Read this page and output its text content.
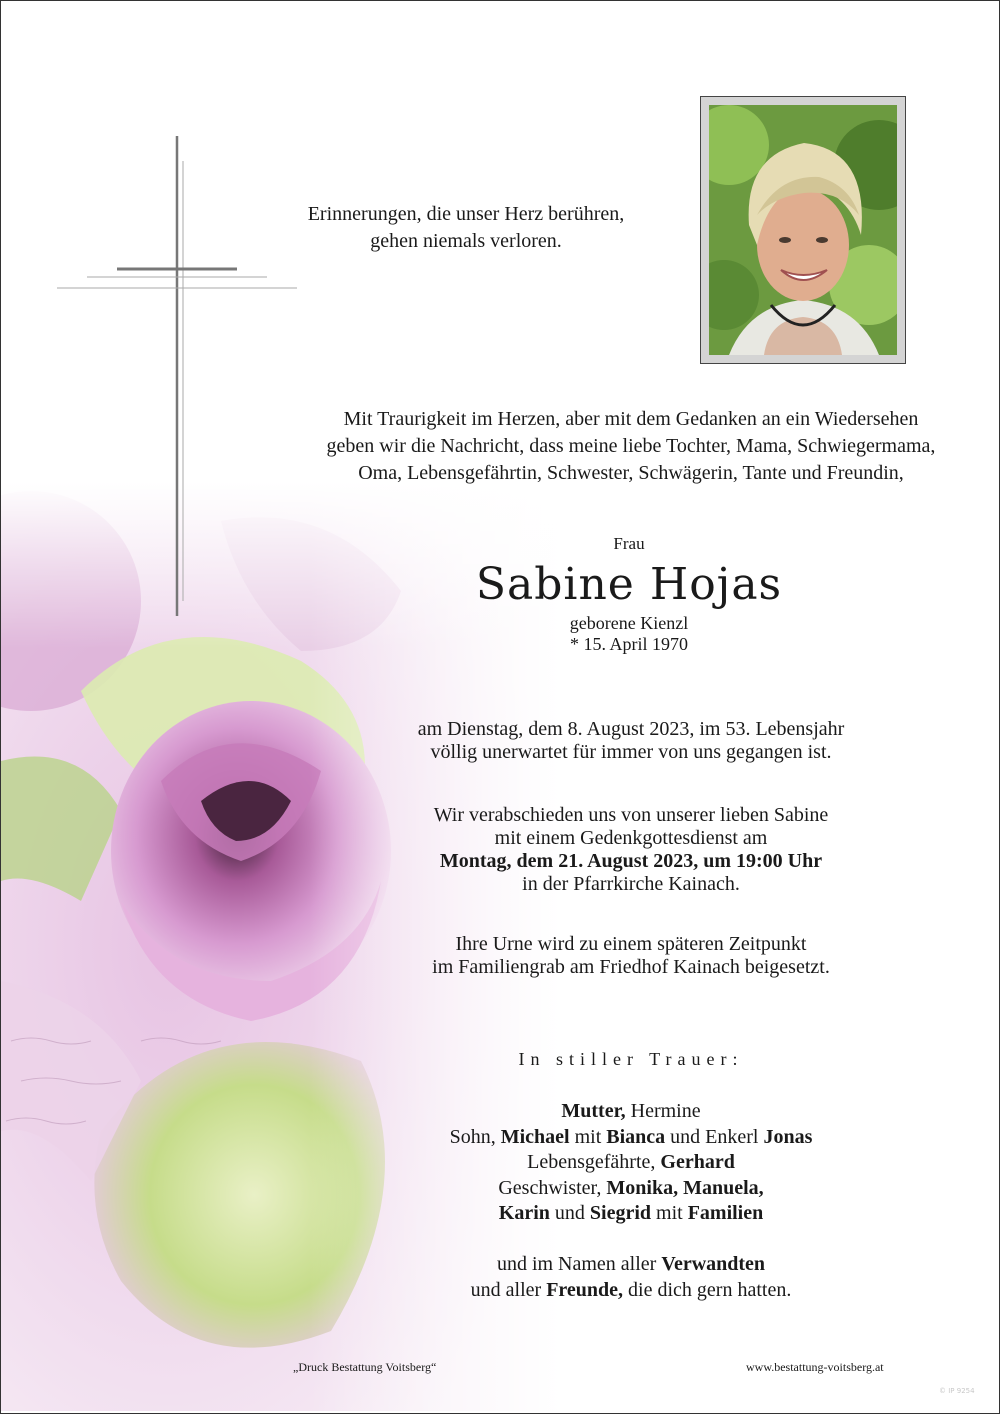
Erinnerungen, die unser Herz berühren,
gehen niemals verloren.
Mit Traurigkeit im Herzen, aber mit dem Gedanken an ein Wiedersehen
geben wir die Nachricht, dass meine liebe Tochter, Mama, Schwiegermama,
Oma, Lebensgefährtin, Schwester, Schwägerin, Tante und Freundin,
Frau
Sabine Hojas
geborene Kienzl
* 15. April 1970
am Dienstag, dem 8. August 2023, im 53. Lebensjahr
völlig unerwartet für immer von uns gegangen ist.
Wir verabschieden uns von unserer lieben Sabine
mit einem Gedenkgottesdienst am
Montag, dem 21. August 2023, um 19:00 Uhr
in der Pfarrkirche Kainach.
Ihre Urne wird zu einem späteren Zeitpunkt
im Familiengrab am Friedhof Kainach beigesetzt.
In stiller Trauer:
Mutter, Hermine
Sohn, Michael mit Bianca und Enkerl Jonas
Lebensgefährte, Gerhard
Geschwister, Monika, Manuela,
Karin und Siegrid mit Familien
und im Namen aller Verwandten
und aller Freunde, die dich gern hatten.
„Druck Bestattung Voitsberg“	www.bestattung-voitsberg.at
© IP 9254
